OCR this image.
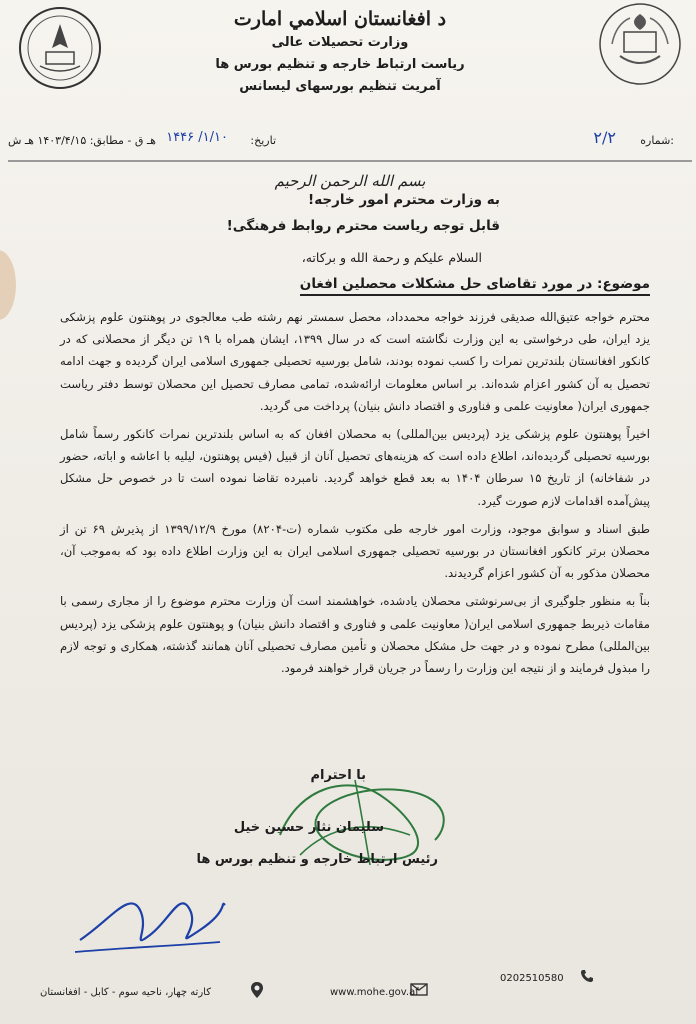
د افغانستان اسلامي امارت
وزارت تحصیلات عالی
ریاست ارتباط خارجه و تنظیم بورس ها
آمریت تنظیم بورسهای لیسانس
:شماره
۲/۲
تاریخ:
۱/۱۰/ ۱۴۴۶
هـ ق - مطابق: ۱۴۰۳/۴/۱۵ هـ ش
بسم الله الرحمن الرحیم
به وزارت محترم امور خارجه!
قابل توجه ریاست محترم روابط فرهنگی!
السلام علیکم و رحمة الله و برکاته،
موضوع: در مورد تقاضای حل مشکلات محصلین افغان

محترم خواجه عتیق‌الله صدیقی فرزند خواجه محمدداد، محصل سمستر نهم رشته طب معالجوی در پوهنتون علوم پزشکی یزد ایران، طی درخواستی به این وزارت نگاشته است که در سال ۱۳۹۹، ایشان همراه با ۱۹ تن دیگر از محصلانی که در کانکور افغانستان بلندترین نمرات را کسب نموده بودند، شامل بورسیه تحصیلی جمهوری اسلامی ایران گردیده و جهت ادامه تحصیل به آن کشور اعزام شده‌اند. بر اساس معلومات ارائه‌شده، تمامی مصارف تحصیل این محصلان توسط دفتر ریاست جمهوری ایران( معاونیت علمی و فناوری و اقتصاد دانش بنیان) پرداخت می گردید.

اخیراً پوهنتون علوم پزشکی یزد (پردیس بین‌المللی) به محصلان افغان که به اساس بلندترین نمرات کانکور رسماً شامل بورسیه تحصیلی گردیده‌اند، اطلاع داده است که هزینه‌های تحصیل آنان از قبیل (فیس پوهنتون، لیلیه با اعاشه و اباته، حضور در شفاخانه) از تاریخ ۱۵ سرطان ۱۴۰۴ به بعد قطع خواهد گردید. نامبرده تقاضا نموده است تا در خصوص حل مشکل پیش‌آمده اقدامات لازم صورت گیرد.

طبق اسناد و سوابق موجود، وزارت امور خارجه طی مکتوب شماره (ت-۸۲۰۴) مورخ ۱۳۹۹/۱۲/۹ از پذیرش ۶۹ تن از محصلان برتر کانکور افغانستان در بورسیه تحصیلی جمهوری اسلامی ایران به این وزارت اطلاع داده بود که به‌موجب آن، محصلان مذکور به آن کشور اعزام گردیدند.

بناً به منظور جلوگیری از بی‌سرنوشتی محصلان یادشده، خواهشمند است آن وزارت محترم موضوع را از مجاری رسمی با مقامات ذیربط جمهوری اسلامی ایران( معاونیت علمی و فناوری و اقتصاد دانش بنیان) و پوهنتون علوم پزشکی یزد (پردیس بین‌المللی) مطرح نموده و در جهت حل مشکل محصلان و تأمین مصارف تحصیلی آنان همانند گذشته، همکاری و توجه لازم را مبذول فرمایند و از نتیجه این وزارت را رسماً در جریان قرار خواهند فرمود.

با احترام
سلیمان نثار حسین خیل
رئیس ارتباط خارجه و تنظیم بورس ها
کارته چهار، ناحیه سوم - کابل - افغانستان	www.mohe.gov.af
0202510580
